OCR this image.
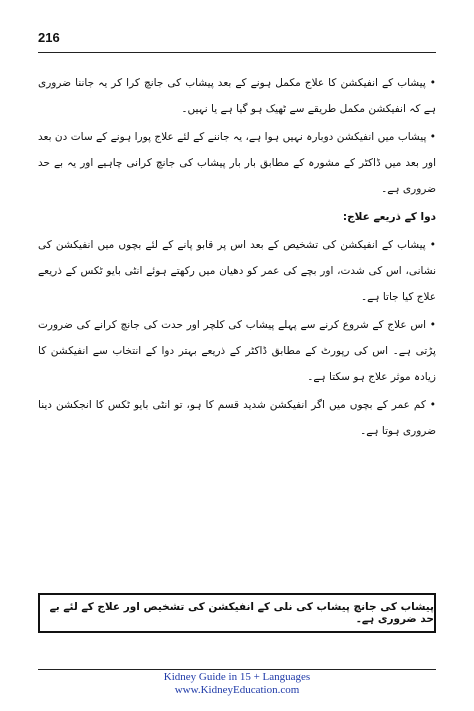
216

• پیشاب کے انفیکشن کا علاج مکمل ہونے کے بعد پیشاب کی جانچ کرا کر یہ جاننا ضروری ہے کہ انفیکشن مکمل طریقے سے ٹھیک ہو گیا ہے یا نہیں۔

• پیشاب میں انفیکشن دوبارہ نہیں ہوا ہے، یہ جاننے کے لئے علاج پورا ہونے کے سات دن بعد اور بعد میں ڈاکٹر کے مشورہ کے مطابق بار بار پیشاب کی جانچ کرانی چاہیے اور یہ بے حد ضروری ہے۔

دوا کے ذریعے علاج:

• پیشاب کے انفیکشن کی تشخیص کے بعد اس پر قابو پانے کے لئے بچوں میں انفیکشن کی نشانی، اس کی شدت، اور بچے کی عمر کو دھیان میں رکھتے ہوئے انٹی بایو ٹکس کے ذریعے علاج کیا جاتا ہے۔

• اس علاج کے شروع کرنے سے پہلے پیشاب کی کلچر اور حدت کی جانچ کرانے کی ضرورت پڑتی ہے۔ اس کی رپورٹ کے مطابق ڈاکٹر کے ذریعے بہتر دوا کے انتخاب سے انفیکشن کا زیادہ موثر علاج ہو سکتا ہے۔

• کم عمر کے بچوں میں اگر انفیکشن شدید قسم کا ہو، تو انٹی بایو ٹکس کا انجکشن دینا ضروری ہوتا ہے۔

پیشاب کی جانچ پیشاب کی نلی کے انفیکشن کی تشخیص اور علاج کے لئے بے حد ضروری ہے۔
Kidney Guide in 15 + Languages
www.KidneyEducation.com
